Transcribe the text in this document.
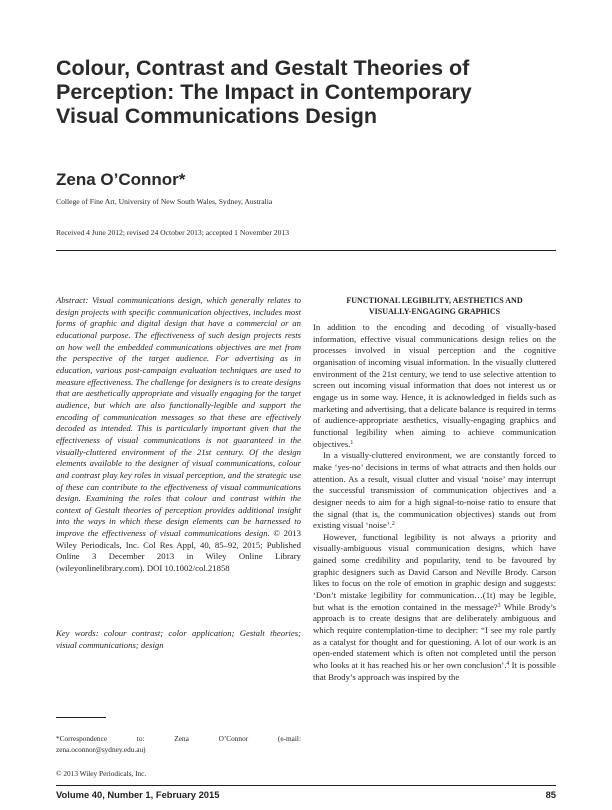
Colour, Contrast and Gestalt Theories of
Perception: The Impact in Contemporary
Visual Communications Design
Zena O’Connor*
College of Fine Art, University of New South Wales, Sydney, Australia
Received 4 June 2012; revised 24 October 2013; accepted 1 November 2013
Abstract: Visual communications design, which generally relates to design projects with specific communication objectives, includes most forms of graphic and digital design that have a commercial or an educational purpose. The effectiveness of such design projects rests on how well the embedded communications objectives are met from the perspective of the target audience. For advertising as in education, various post-campaign evaluation techniques are used to measure effectiveness. The challenge for designers is to create designs that are aesthetically appropriate and visually engaging for the target audience, but which are also functionally-legible and support the encoding of communication messages so that these are effectively decoded as intended. This is particularly important given that the effectiveness of visual communications is not guaranteed in the visually-cluttered environment of the 21st century. Of the design elements available to the designer of visual communications, colour and contrast play key roles in visual perception, and the strategic use of these can contribute to the effectiveness of visual communications design. Examining the roles that colour and contrast within the context of Gestalt theories of perception provides additional insight into the ways in which these design elements can be harnessed to improve the effectiveness of visual communications design. © 2013 Wiley Periodicals, Inc. Col Res Appl, 40, 85–92, 2015; Published Online 3 December 2013 in Wiley Online Library (wileyonlinelibrary.com). DOI 10.1002/col.21858
Key words: colour contrast; color application; Gestalt theories; visual communications; design
*Correspondence	to:	Zena	O’Connor	(e-mail:
zena.oconnor@sydney.edu.au)
© 2013 Wiley Periodicals, Inc.
FUNCTIONAL LEGIBILITY, AESTHETICS AND
VISUALLY-ENGAGING GRAPHICS

In addition to the encoding and decoding of visually-based information, effective visual communications design relies on the processes involved in visual perception and the cognitive organisation of incoming visual information. In the visually cluttered environment of the 21st century, we tend to use selective attention to screen out incoming visual information that does not interest us or engage us in some way. Hence, it is acknowledged in fields such as marketing and advertising, that a delicate balance is required in terms of audience-appropriate aesthetics, visually-engaging graphics and functional legibility when aiming to achieve communication objectives.$^1$

In a visually-cluttered environment, we are constantly forced to make ‘yes-no’ decisions in terms of what attracts and then holds our attention. As a result, visual clutter and visual ‘noise’ may interrupt the successful transmission of communication objectives and a designer needs to aim for a high signal-to-noise ratio to ensure that the signal (that is, the communication objectives) stands out from existing visual ‘noise’.$^2$

However, functional legibility is not always a priority and visually-ambiguous visual communication designs, which have gained some credibility and popularity, tend to be favoured by graphic designers such as David Carson and Neville Brody. Carson likes to focus on the role of emotion in graphic design and suggests: ‘Don’t mistake legibility for communication…(1t) may be legible, but what is the emotion contained in the message?$^3$ While Brody’s approach is to create designs that are deliberately ambiguous and which require contemplation-time to decipher: “I see my role partly as a catalyst for thought and for questioning. A lot of our work is an open-ended statement which is often not completed until the person who looks at it has reached his or her own conclusion’.$^4$ It is possible that Brody’s approach was inspired by the

Volume 40, Number 1, February 2015	85
